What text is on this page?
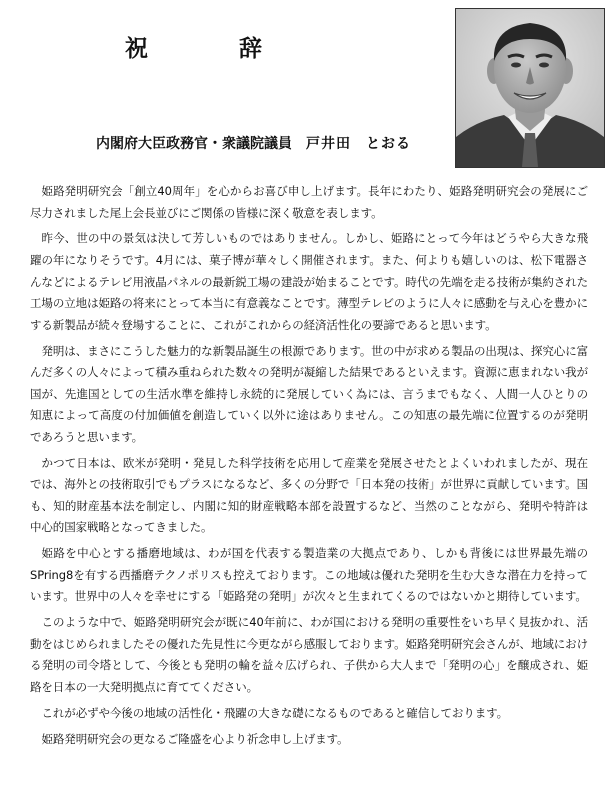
祝　辞
内閣府大臣政務官・衆議院議員 戸井田　とおる

姫路発明研究会「創立40周年」を心からお喜び申し上げます。長年にわたり、姫路発明研究会の発展にご尽力されました尾上会長並びにご関係の皆様に深く敬意を表します。

昨今、世の中の景気は決して芳しいものではありません。しかし、姫路にとって今年はどうやら大きな飛躍の年になりそうです。4月には、菓子博が華々しく開催されます。また、何よりも嬉しいのは、松下電器さんなどによるテレビ用液晶パネルの最新鋭工場の建設が始まることです。時代の先端を走る技術が集約された工場の立地は姫路の将来にとって本当に有意義なことです。薄型テレビのように人々に感動を与え心を豊かにする新製品が続々登場することに、これがこれからの経済活性化の要諦であると思います。

発明は、まさにこうした魅力的な新製品誕生の根源であります。世の中が求める製品の出現は、探究心に富んだ多くの人々によって積み重ねられた数々の発明が凝縮した結果であるといえます。資源に恵まれない我が国が、先進国としての生活水準を維持し永続的に発展していく為には、言うまでもなく、人間一人ひとりの知恵によって高度の付加価値を創造していく以外に途はありません。この知恵の最先端に位置するのが発明であろうと思います。

かつて日本は、欧米が発明・発見した科学技術を応用して産業を発展させたとよくいわれましたが、現在では、海外との技術取引でもプラスになるなど、多くの分野で「日本発の技術」が世界に貢献しています。国も、知的財産基本法を制定し、内閣に知的財産戦略本部を設置するなど、当然のことながら、発明や特許は中心的国家戦略となってきました。

姫路を中心とする播磨地域は、わが国を代表する製造業の大拠点であり、しかも背後には世界最先端のSPring8を有する西播磨テクノポリスも控えております。この地域は優れた発明を生む大きな潜在力を持っています。世界中の人々を幸せにする「姫路発の発明」が次々と生まれてくるのではないかと期待しています。

このような中で、姫路発明研究会が既に40年前に、わが国における発明の重要性をいち早く見抜かれ、活動をはじめられましたその優れた先見性に今更ながら感服しております。姫路発明研究会さんが、地域における発明の司令塔として、今後とも発明の輪を益々広げられ、子供から大人まで「発明の心」を醸成され、姫路を日本の一大発明拠点に育ててください。

これが必ずや今後の地域の活性化・飛躍の大きな礎になるものであると確信しております。

姫路発明研究会の更なるご隆盛を心より祈念申し上げます。
